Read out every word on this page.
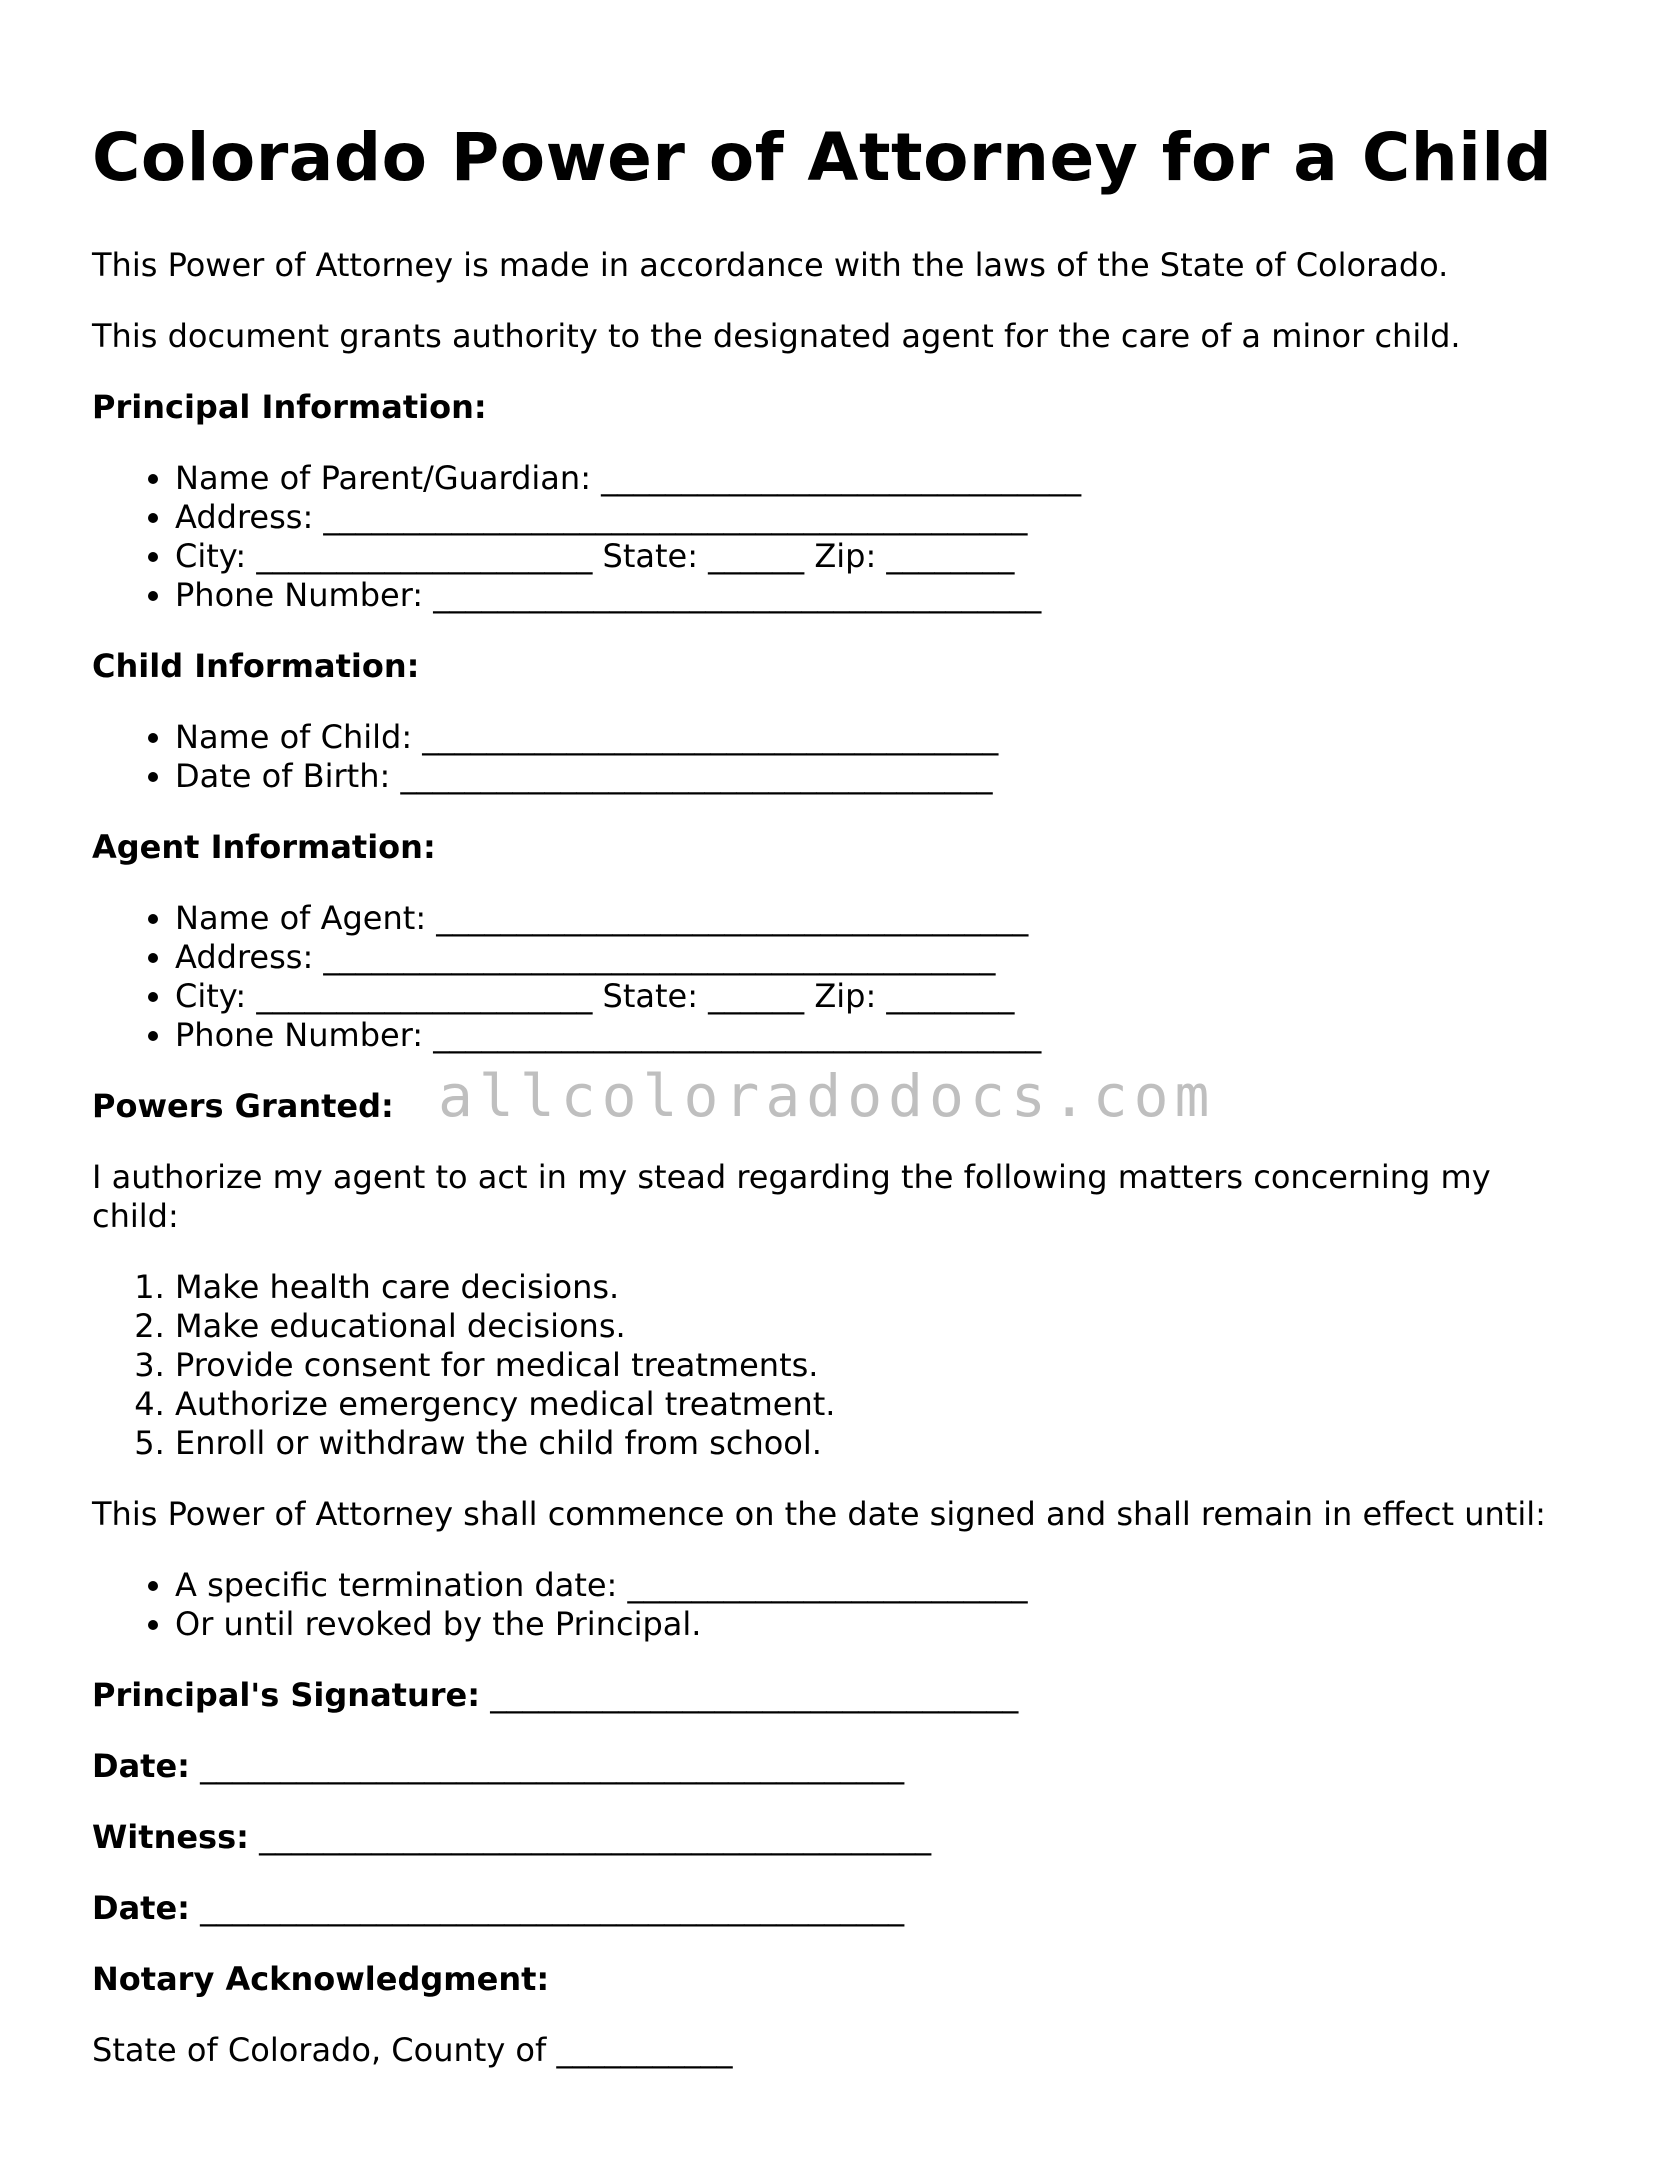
Colorado Power of Attorney for a Child

This Power of Attorney is made in accordance with the laws of the State of Colorado.

This document grants authority to the designated agent for the care of a minor child.

Principal Information:

• Name of Parent/Guardian: ______________________________
• Address: ____________________________________________
• City: _____________________ State: ______ Zip: ________
• Phone Number: ______________________________________

Child Information:

• Name of Child: ____________________________________
• Date of Birth: _____________________________________

Agent Information:

• Name of Agent: _____________________________________
• Address: __________________________________________
• City: _____________________ State: ______ Zip: ________
• Phone Number: ______________________________________

Powers Granted:

I authorize my agent to act in my stead regarding the following matters concerning my child:

1. Make health care decisions.
2. Make educational decisions.
3. Provide consent for medical treatments.
4. Authorize emergency medical treatment.
5. Enroll or withdraw the child from school.

This Power of Attorney shall commence on the date signed and shall remain in effect until:

• A specific termination date: _________________________
• Or until revoked by the Principal.

Principal's Signature: _________________________________

Date: ____________________________________________

Witness: __________________________________________

Date: ____________________________________________

Notary Acknowledgment:

State of Colorado, County of ___________

allcoloradodocs.com
